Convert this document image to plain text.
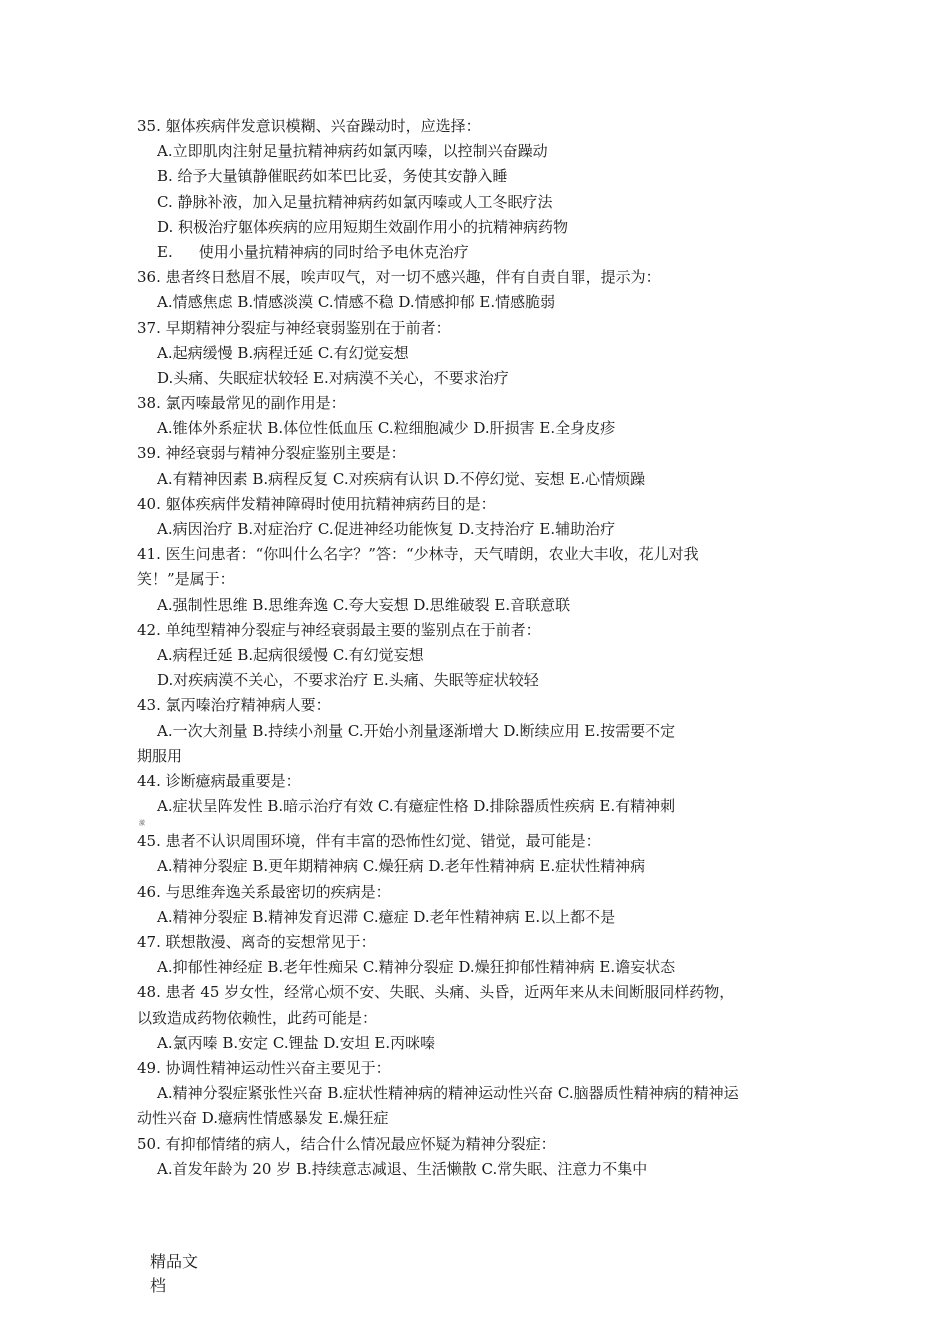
35. 躯体疾病伴发意识模糊、兴奋躁动时，应选择：
A.立即肌肉注射足量抗精神病药如氯丙嗪，以控制兴奋躁动
B. 给予大量镇静催眠药如苯巴比妥，务使其安静入睡
C. 静脉补液，加入足量抗精神病药如氯丙嗪或人工冬眠疗法
D. 积极治疗躯体疾病的应用短期生效副作用小的抗精神病药物
E. 使用小量抗精神病的同时给予电休克治疗
36. 患者终日愁眉不展，唉声叹气，对一切不感兴趣，伴有自责自罪，提示为：
A.情感焦虑 B.情感淡漠 C.情感不稳 D.情感抑郁 E.情感脆弱
37. 早期精神分裂症与神经衰弱鉴别在于前者：
A.起病缓慢 B.病程迁延 C.有幻觉妄想
D.头痛、失眠症状较轻 E.对病漠不关心，不要求治疗
38. 氯丙嗪最常见的副作用是：
A.锥体外系症状 B.体位性低血压 C.粒细胞减少 D.肝损害 E.全身皮疹
39. 神经衰弱与精神分裂症鉴别主要是：
A.有精神因素 B.病程反复 C.对疾病有认识 D.不停幻觉、妄想 E.心情烦躁
40. 躯体疾病伴发精神障碍时使用抗精神病药目的是：
A.病因治疗 B.对症治疗 C.促进神经功能恢复 D.支持治疗 E.辅助治疗
41. 医生问患者：“你叫什么名字？”答：“少林寺，天气晴朗，农业大丰收，花儿对我
笑！”是属于：
A.强制性思维 B.思维奔逸 C.夸大妄想 D.思维破裂 E.音联意联
42. 单纯型精神分裂症与神经衰弱最主要的鉴别点在于前者：
A.病程迁延 B.起病很缓慢 C.有幻觉妄想
D.对疾病漠不关心，不要求治疗 E.头痛、失眠等症状较轻
43. 氯丙嗪治疗精神病人要：
A.一次大剂量 B.持续小剂量 C.开始小剂量逐渐增大 D.断续应用 E.按需要不定
期服用
44. 诊断癔病最重要是：
A.症状呈阵发性 B.暗示治疗有效 C.有癔症性格 D.排除器质性疾病 E.有精神刺
激
45. 患者不认识周围环境，伴有丰富的恐怖性幻觉、错觉，最可能是：
A.精神分裂症 B.更年期精神病 C.燥狂病 D.老年性精神病 E.症状性精神病
46. 与思维奔逸关系最密切的疾病是：
A.精神分裂症 B.精神发育迟滞 C.癔症 D.老年性精神病 E.以上都不是
47. 联想散漫、离奇的妄想常见于：
A.抑郁性神经症 B.老年性痴呆 C.精神分裂症 D.燥狂抑郁性精神病 E.谵妄状态
48. 患者 45 岁女性，经常心烦不安、失眠、头痛、头昏，近两年来从未间断服同样药物，
以致造成药物依赖性，此药可能是：
A.氯丙嗪 B.安定 C.锂盐 D.安坦 E.丙咪嗪
49. 协调性精神运动性兴奋主要见于：
A.精神分裂症紧张性兴奋 B.症状性精神病的精神运动性兴奋 C.脑器质性精神病的精神运
动性兴奋 D.癔病性情感暴发 E.燥狂症
50. 有抑郁情绪的病人，结合什么情况最应怀疑为精神分裂症：
A.首发年龄为 20 岁 B.持续意志减退、生活懒散 C.常失眠、注意力不集中
精品文
档
